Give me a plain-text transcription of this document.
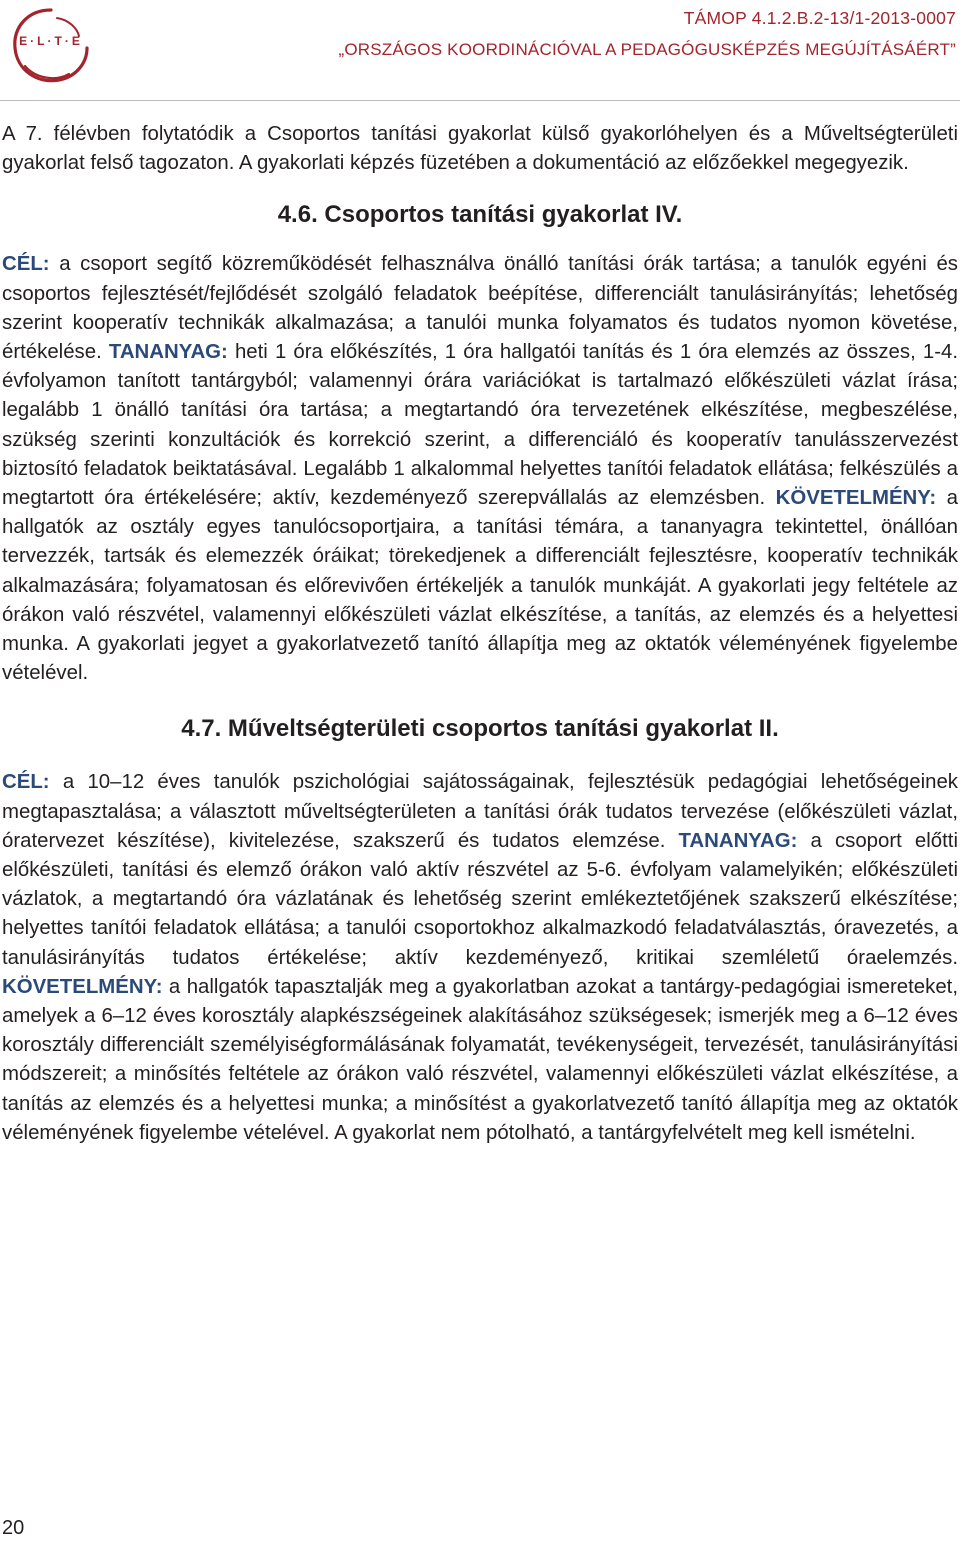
E·L·T·E
TÁMOP 4.1.2.B.2-13/1-2013-0007
„ORSZÁGOS KOORDINÁCIÓVAL A PEDAGÓGUSKÉPZÉS MEGÚJÍTÁSÁÉRT”

A 7. félévben folytatódik a Csoportos tanítási gyakorlat külső gyakorlóhelyen és a Műveltségterületi gyakorlat felső tagozaton. A gyakorlati képzés füzetében a dokumentáció az előzőekkel megegyezik.

4.6. Csoportos tanítási gyakorlat IV.

CÉL: a csoport segítő közreműködését felhasználva önálló tanítási órák tartása; a tanulók egyéni és csoportos fejlesztését/fejlődését szolgáló feladatok beépítése, differenciált tanulásirányítás; lehetőség szerint kooperatív technikák alkalmazása; a tanulói munka folyamatos és tudatos nyomon követése, értékelése. TANANYAG: heti 1 óra előkészítés, 1 óra hallgatói tanítás és 1 óra elemzés az összes, 1-4. évfolyamon tanított tantárgyból; valamennyi órára variációkat is tartalmazó előkészületi vázlat írása; legalább 1 önálló tanítási óra tartása; a megtartandó óra tervezetének elkészítése, megbeszélése, szükség szerinti konzultációk és korrekció szerint, a differenciáló és kooperatív tanulásszervezést biztosító feladatok beiktatásával. Legalább 1 alkalommal helyettes tanítói feladatok ellátása; felkészülés a megtartott óra értékelésére; aktív, kezdeményező szerepvállalás az elemzésben. KÖVETELMÉNY: a hallgatók az osztály egyes tanulócsoportjaira, a tanítási témára, a tananyagra tekintettel, önállóan tervezzék, tartsák és elemezzék óráikat; törekedjenek a differenciált fejlesztésre, kooperatív technikák alkalmazására; folyamatosan és előrevivően értékeljék a tanulók munkáját. A gyakorlati jegy feltétele az órákon való részvétel, valamennyi előkészületi vázlat elkészítése, a tanítás, az elemzés és a helyettesi munka. A gyakorlati jegyet a gyakorlatvezető tanító állapítja meg az oktatók véleményének figyelembe vételével.

4.7. Műveltségterületi csoportos tanítási gyakorlat II.

CÉL: a 10–12 éves tanulók pszichológiai sajátosságainak, fejlesztésük pedagógiai lehetőségeinek megtapasztalása; a választott műveltségterületen a tanítási órák tudatos tervezése (előkészületi vázlat, óratervezet készítése), kivitelezése, szakszerű és tudatos elemzése. TANANYAG: a csoport előtti előkészületi, tanítási és elemző órákon való aktív részvétel az 5-6. évfolyam valamelyikén; előkészületi vázlatok, a megtartandó óra vázlatának és lehetőség szerint emlékeztetőjének szakszerű elkészítése; helyettes tanítói feladatok ellátása; a tanulói csoportokhoz alkalmazkodó feladatválasztás, óravezetés, a tanulásirányítás tudatos értékelése; aktív kezdeményező, kritikai szemléletű óraelemzés. KÖVETELMÉNY: a hallgatók tapasztalják meg a gyakorlatban azokat a tantárgy-pedagógiai ismereteket, amelyek a 6–12 éves korosztály alapkészségeinek alakításához szükségesek; ismerjék meg a 6–12 éves korosztály differenciált személyiségformálásának folyamatát, tevékenységeit, tervezését, tanulásirányítási módszereit; a minősítés feltétele az órákon való részvétel, valamennyi előkészületi vázlat elkészítése, a tanítás az elemzés és a helyettesi munka; a minősítést a gyakorlatvezető tanító állapítja meg az oktatók véleményének figyelembe vételével. A gyakorlat nem pótolható, a tantárgyfelvételt meg kell ismételni.

20
